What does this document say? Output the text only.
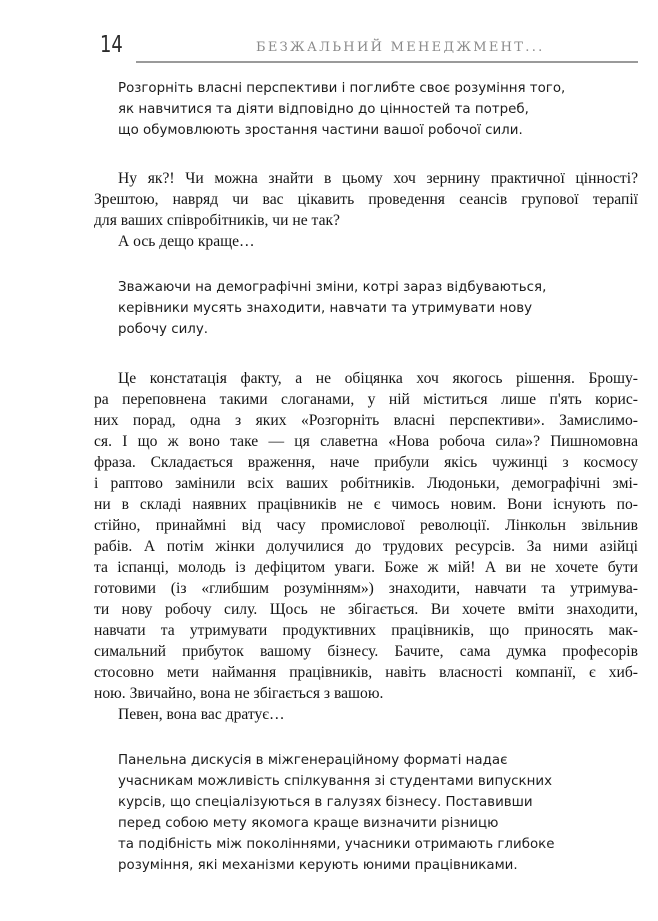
14	БЕЗЖАЛЬНИЙ МЕНЕДЖМЕНТ...

Розгорніть власні перспективи і поглибте своє розуміння того,
як навчитися та діяти відповідно до цінностей та потреб,
що обумовлюють зростання частини вашої робочої сили.

Ну як?! Чи можна знайти в цьому хоч зернину практичної цінності?
Зрештою, навряд чи вас цікавить проведення сеансів групової терапії
для ваших співробітників, чи не так?

А ось дещо краще…

Зважаючи на демографічні зміни, котрі зараз відбуваються,
керівники мусять знаходити, навчати та утримувати нову
робочу силу.

Це констатація факту, а не обіцянка хоч якогось рішення. Брошу-
ра переповнена такими слоганами, у ній міститься лише п'ять корис-
них порад, одна з яких «Розгорніть власні перспективи». Замислимо-
ся. І що ж воно таке — ця славетна «Нова робоча сила»? Пишномовна
фраза. Складається враження, наче прибули якісь чужинці з космосу
і раптово замінили всіх ваших робітників. Людоньки, демографічні змі-
ни в складі наявних працівників не є чимось новим. Вони існують по-
стійно, принаймні від часу промислової революції. Лінкольн звільнив
рабів. А потім жінки долучилися до трудових ресурсів. За ними азійці
та іспанці, молодь із дефіцитом уваги. Боже ж мій! А ви не хочете бути
готовими (із «глибшим розумінням») знаходити, навчати та утримува-
ти нову робочу силу. Щось не збігається. Ви хочете вміти знаходити,
навчати та утримувати продуктивних працівників, що приносять мак-
симальний прибуток вашому бізнесу. Бачите, сама думка професорів
стосовно мети наймання працівників, навіть власності компанії, є хиб-
ною. Звичайно, вона не збігається з вашою.

Певен, вона вас дратує…

Панельна дискусія в міжгенераційному форматі надає
учасникам можливість спілкування зі студентами випускних
курсів, що спеціалізуються в галузях бізнесу. Поставивши
перед собою мету якомога краще визначити різницю
та подібність між поколіннями, учасники отримають глибоке
розуміння, які механізми керують юними працівниками.
